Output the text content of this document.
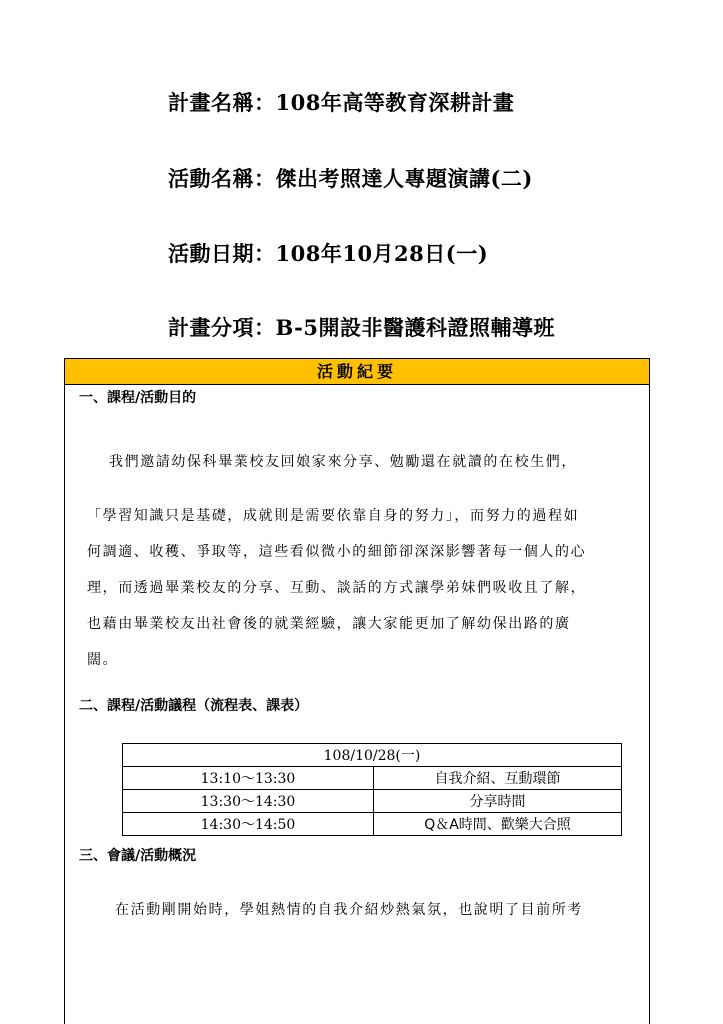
計畫名稱：108年高等教育深耕計畫
活動名稱：傑出考照達人專題演講(二)
活動日期：108年10月28日(一)
計畫分項：B-5開設非醫護科證照輔導班
活動紀要
一、課程/活動目的
我們邀請幼保科畢業校友回娘家來分享、勉勵還在就讀的在校生們，
「學習知識只是基礎，成就則是需要依靠自身的努力」，而努力的過程如
何調適、收穫、爭取等，這些看似微小的細節卻深深影響著每一個人的心
理，而透過畢業校友的分享、互動、談話的方式讓學弟妹們吸收且了解，
也藉由畢業校友出社會後的就業經驗，讓大家能更加了解幼保出路的廣
闊。
二、課程/活動議程（流程表、課表）
108/10/28(一)	
13:10～13:30	自我介紹、互動環節
13:30～14:30	分享時間
14:30～14:50	Q＆A時間、歡樂大合照
三、會議/活動概況
在活動剛開始時，學姐熱情的自我介紹炒熱氣氛，也說明了目前所考
